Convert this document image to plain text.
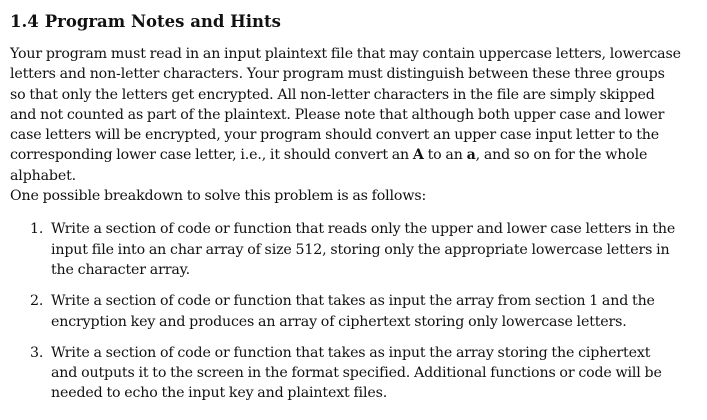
1.4 Program Notes and Hints

Your program must read in an input plaintext file that may contain uppercase letters, lowercase
letters and non-letter characters. Your program must distinguish between these three groups
so that only the letters get encrypted. All non-letter characters in the file are simply skipped
and not counted as part of the plaintext. Please note that although both upper case and lower
case letters will be encrypted, your program should convert an upper case input letter to the
corresponding lower case letter, i.e., it should convert an A to an a, and so on for the whole
alphabet.
One possible breakdown to solve this problem is as follows:

1. Write a section of code or function that reads only the upper and lower case letters in the
input file into an char array of size 512, storing only the appropriate lowercase letters in
the character array.
2. Write a section of code or function that takes as input the array from section 1 and the
encryption key and produces an array of ciphertext storing only lowercase letters.
3. Write a section of code or function that takes as input the array storing the ciphertext
and outputs it to the screen in the format specified. Additional functions or code will be
needed to echo the input key and plaintext files.
